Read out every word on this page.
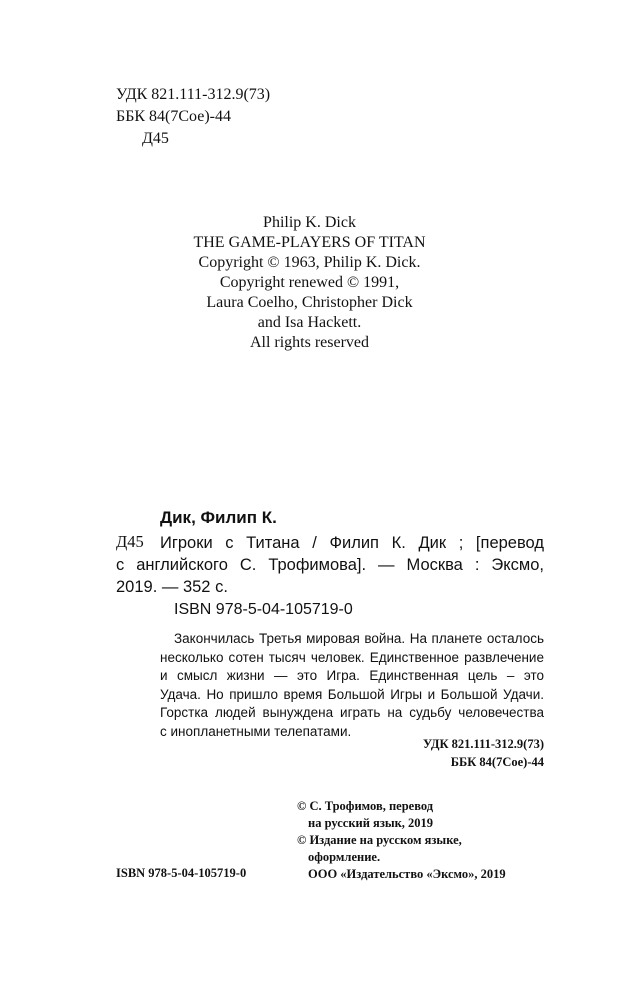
УДК 821.111-312.9(73)
ББК 84(7Сое)-44
Д45
Philip K. Dick
THE GAME-PLAYERS OF TITAN
Copyright © 1963, Philip K. Dick.
Copyright renewed © 1991,
Laura Coelho, Christopher Dick
and Isa Hackett.
All rights reserved
Дик, Филип К.
Д45 Игроки с Титана / Филип К. Дик ; [перевод
с английского С. Трофимова]. — Москва : Эксмо,
2019. — 352 с.
ISBN 978-5-04-105719-0
Закончилась Третья мировая война. На планете осталось
несколько сотен тысяч человек. Единственное развлечение
и смысл жизни — это Игра. Единственная цель – это
Удача. Но пришло время Большой Игры и Большой Удачи.
Горстка людей вынуждена играть на судьбу человечества
с инопланетными телепатами.
УДК 821.111-312.9(73)
ББК 84(7Сое)-44
© С. Трофимов, перевод
на русский язык, 2019
© Издание на русском языке,
оформление.
ООО «Издательство «Эксмо», 2019
ISBN 978-5-04-105719-0
